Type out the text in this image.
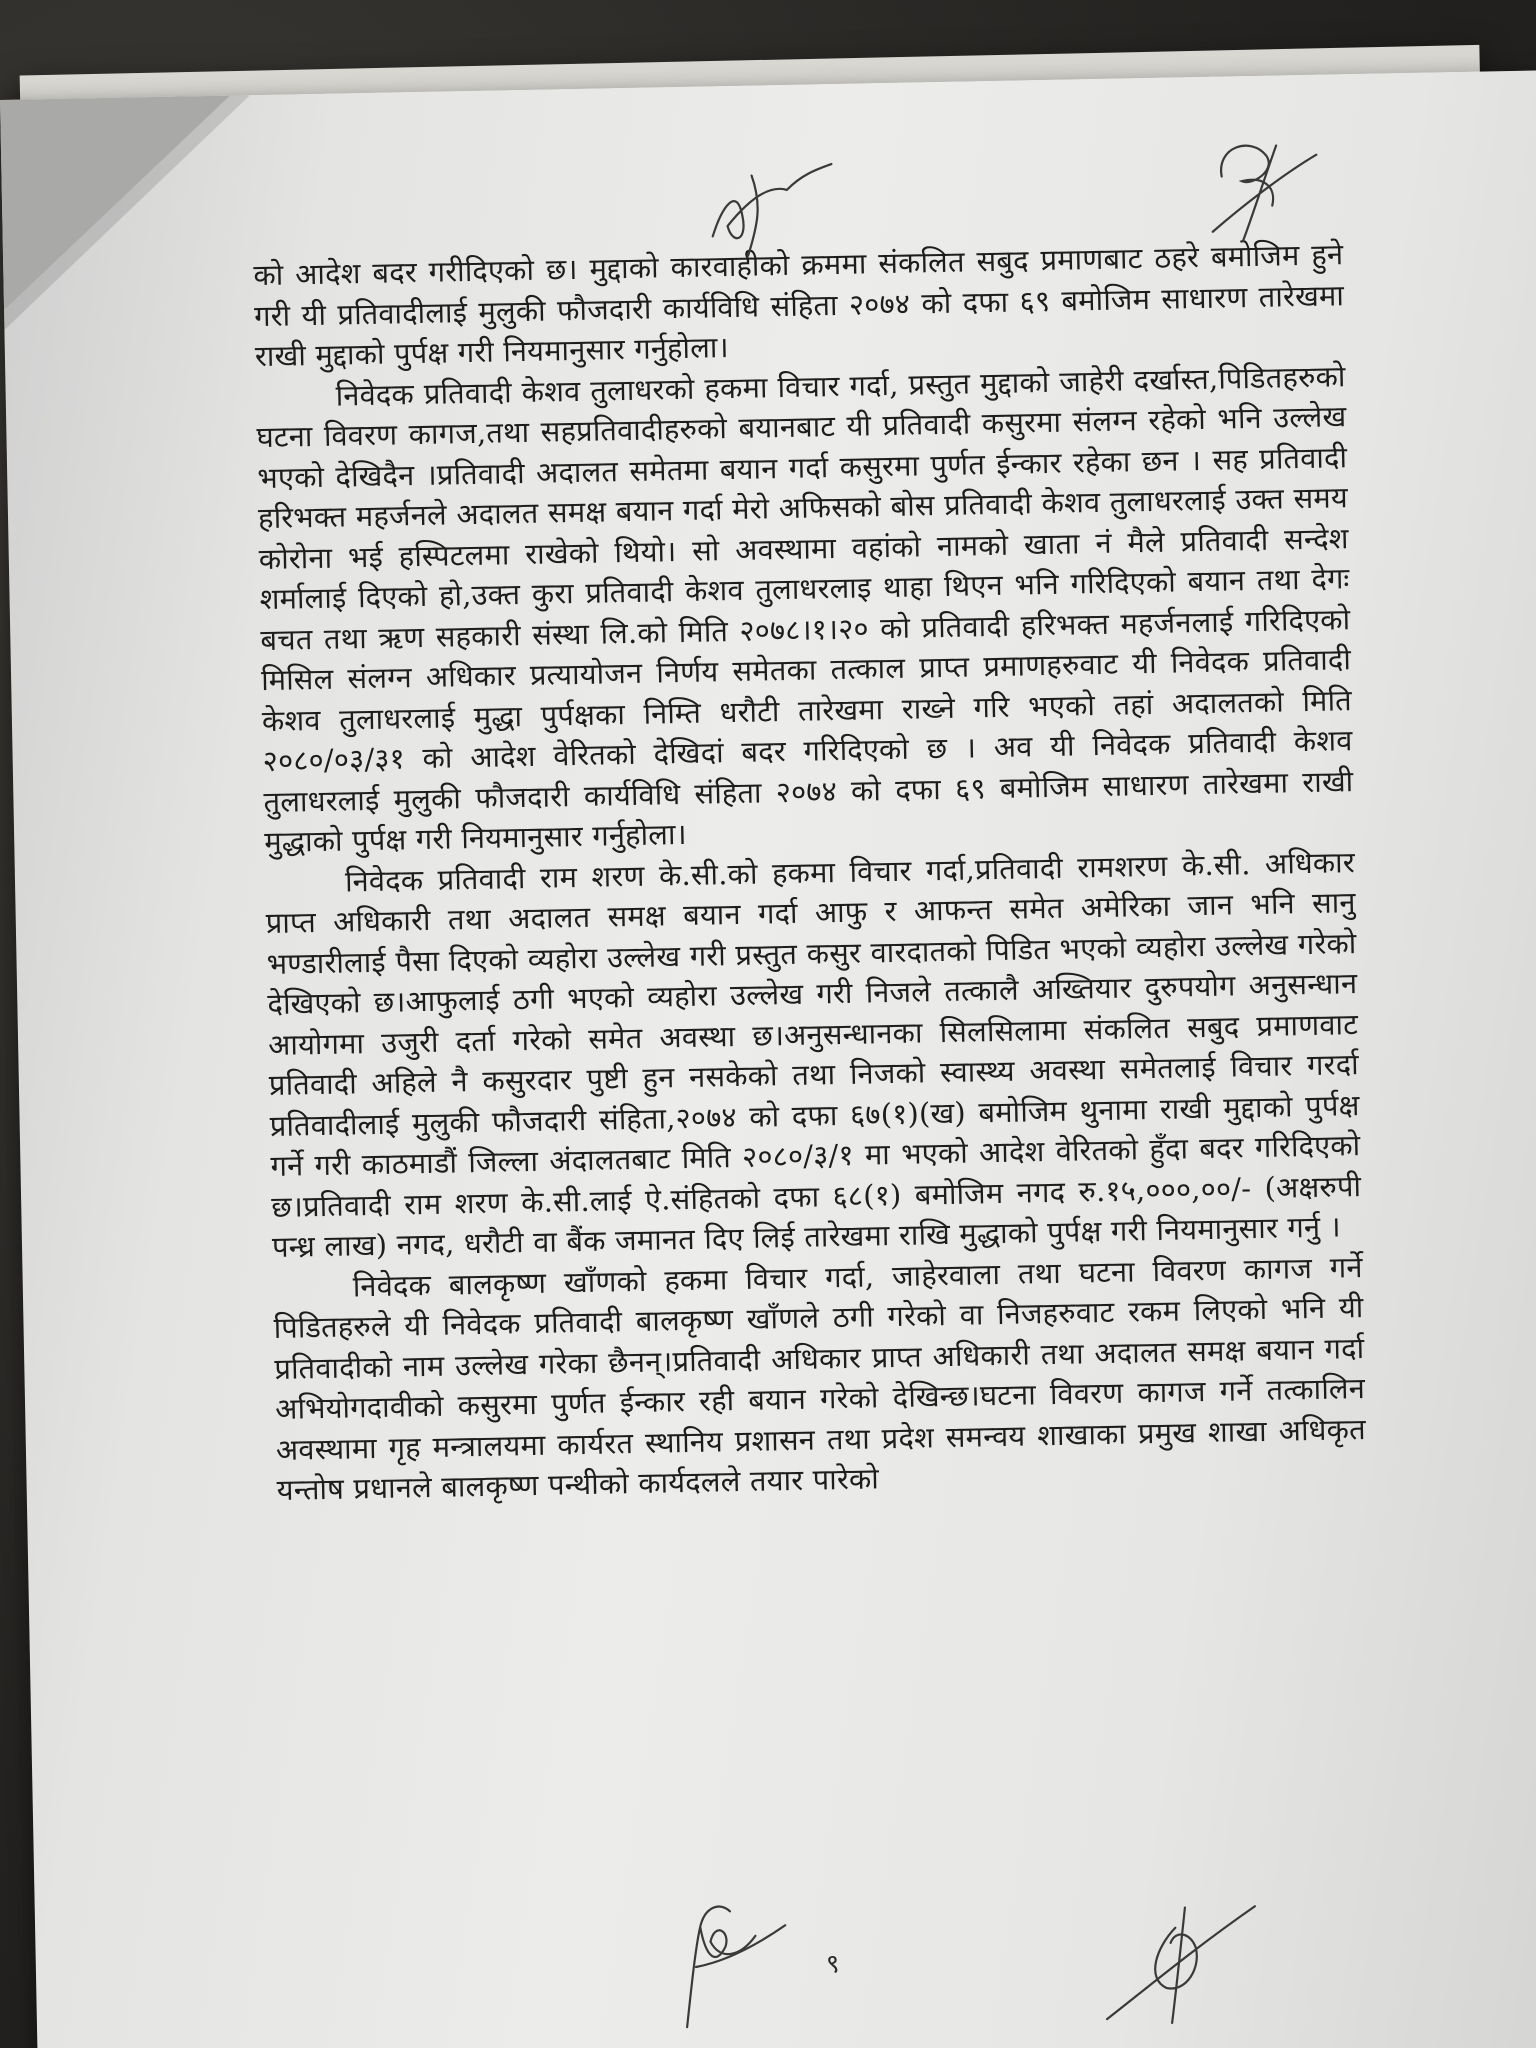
को आदेश बदर गरीदिएको छ। मुद्दाको कारवाहीको क्रममा संकलित सबुद प्रमाणबाट ठहरे बमोजिम हुने गरी यी प्रतिवादीलाई मुलुकी फौजदारी कार्यविधि संहिता २०७४ को दफा ६९ बमोजिम साधारण तारेखमा राखी मुद्दाको पुर्पक्ष गरी नियमानुसार गर्नुहोला।

निवेदक प्रतिवादी केशव तुलाधरको हकमा विचार गर्दा, प्रस्तुत मुद्दाको जाहेरी दर्खास्त,पिडितहरुको घटना विवरण कागज,तथा सहप्रतिवादीहरुको बयानबाट यी प्रतिवादी कसुरमा संलग्न रहेको भनि उल्लेख भएको देखिदैन ।प्रतिवादी अदालत समेतमा बयान गर्दा कसुरमा पुर्णत ईन्कार रहेका छन । सह प्रतिवादी हरिभक्त महर्जनले अदालत समक्ष बयान गर्दा मेरो अफिसको बोस प्रतिवादी केशव तुलाधरलाई उक्त समय कोरोना भई हस्पिटलमा राखेको थियो। सो अवस्थामा वहांको नामको खाता नं मैले प्रतिवादी सन्देश शर्मालाई दिएको हो,उक्त कुरा प्रतिवादी केशव तुलाधरलाइ थाहा थिएन भनि गरिदिएको बयान तथा देगः बचत तथा ऋण सहकारी संस्था लि.को मिति २०७८।१।२० को प्रतिवादी हरिभक्त महर्जनलाई गरिदिएको मिसिल संलग्न अधिकार प्रत्यायोजन निर्णय समेतका तत्काल प्राप्त प्रमाणहरुवाट यी निवेदक प्रतिवादी केशव तुलाधरलाई मुद्धा पुर्पक्षका निम्ति धरौटी तारेखमा राख्ने गरि भएको तहां अदालतको मिति २०८०/०३/३१ को आदेश वेरितको देखिदां बदर गरिदिएको छ ।‌ अव यी निवेदक प्रतिवादी केशव तुलाधरलाई मुलुकी फौजदारी कार्यविधि संहिता २०७४ को दफा ६९ बमोजिम साधारण तारेखमा राखी मुद्धाको पुर्पक्ष गरी नियमानुसार गर्नुहोला।

निवेदक प्रतिवादी राम शरण के.सी.को हकमा विचार गर्दा,प्रतिवादी रामशरण के.सी. अधिकार प्राप्त अधिकारी तथा अदालत समक्ष बयान गर्दा आफु र आफन्त समेत अमेरिका जान भनि सानु भण्डारीलाई पैसा दिएको व्यहोरा उल्लेख गरी प्रस्तुत कसुर वारदातको पिडित भएको व्यहोरा उल्लेख गरेको देखिएको छ।आफुलाई ठगी भएको व्यहोरा उल्लेख गरी निजले तत्कालै अख्तियार दुरुपयोग अनुसन्धान आयोगमा उजुरी दर्ता गरेको समेत अवस्था छ।अनुसन्धानका सिलसिलामा संकलित सबुद प्रमाणवाट प्रतिवादी अहिले नै कसुरदार पुष्टी हुन नसकेको तथा निजको स्वास्थ्य अवस्था समेतलाई विचार गरर्दा प्रतिवादीलाई मुलुकी फौजदारी संहिता,२०७४ को दफा ६७(१)(ख) बमोजिम थुनामा राखी मुद्दाको पुर्पक्ष गर्ने गरी काठमाडौं जिल्ला अंदालतबाट मिति २०८०/३/१ मा भएको आदेश वेरितको हुँदा बदर गरिदिएको छ।प्रतिवादी राम शरण के.सी.लाई ऐ.संहितको दफा ६८(१) बमोजिम नगद रु.१५,०००,००/- (अक्षरुपी पन्ध्र लाख) नगद, धरौटी वा बैंक जमानत दिए लिई तारेखमा राखि मुद्धाको पुर्पक्ष गरी नियमानुसार गर्नु ।

निवेदक बालकृष्ण खाँणको हकमा विचार गर्दा, जाहेरवाला तथा घटना विवरण कागज गर्ने पिडितहरुले यी निवेदक प्रतिवादी बालकृष्ण खाँणले ठगी गरेको वा निजहरुवाट रकम लिएको भनि यी प्रतिवादीको नाम उल्लेख गरेका छैनन्।प्रतिवादी अधिकार प्राप्त अधिकारी तथा अदालत समक्ष बयान गर्दा अभियोगदावीको कसुरमा पुर्णत ईन्कार रही बयान गरेको देखिन्छ।घटना विवरण कागज गर्ने तत्कालिन अवस्थामा गृह मन्त्रालयमा कार्यरत स्थानिय प्रशासन तथा प्रदेश समन्वय शाखाका प्रमुख शाखा अधिकृत यन्तोष प्रधानले बालकृष्ण पन्थीको कार्यदलले तयार पारेको

९
